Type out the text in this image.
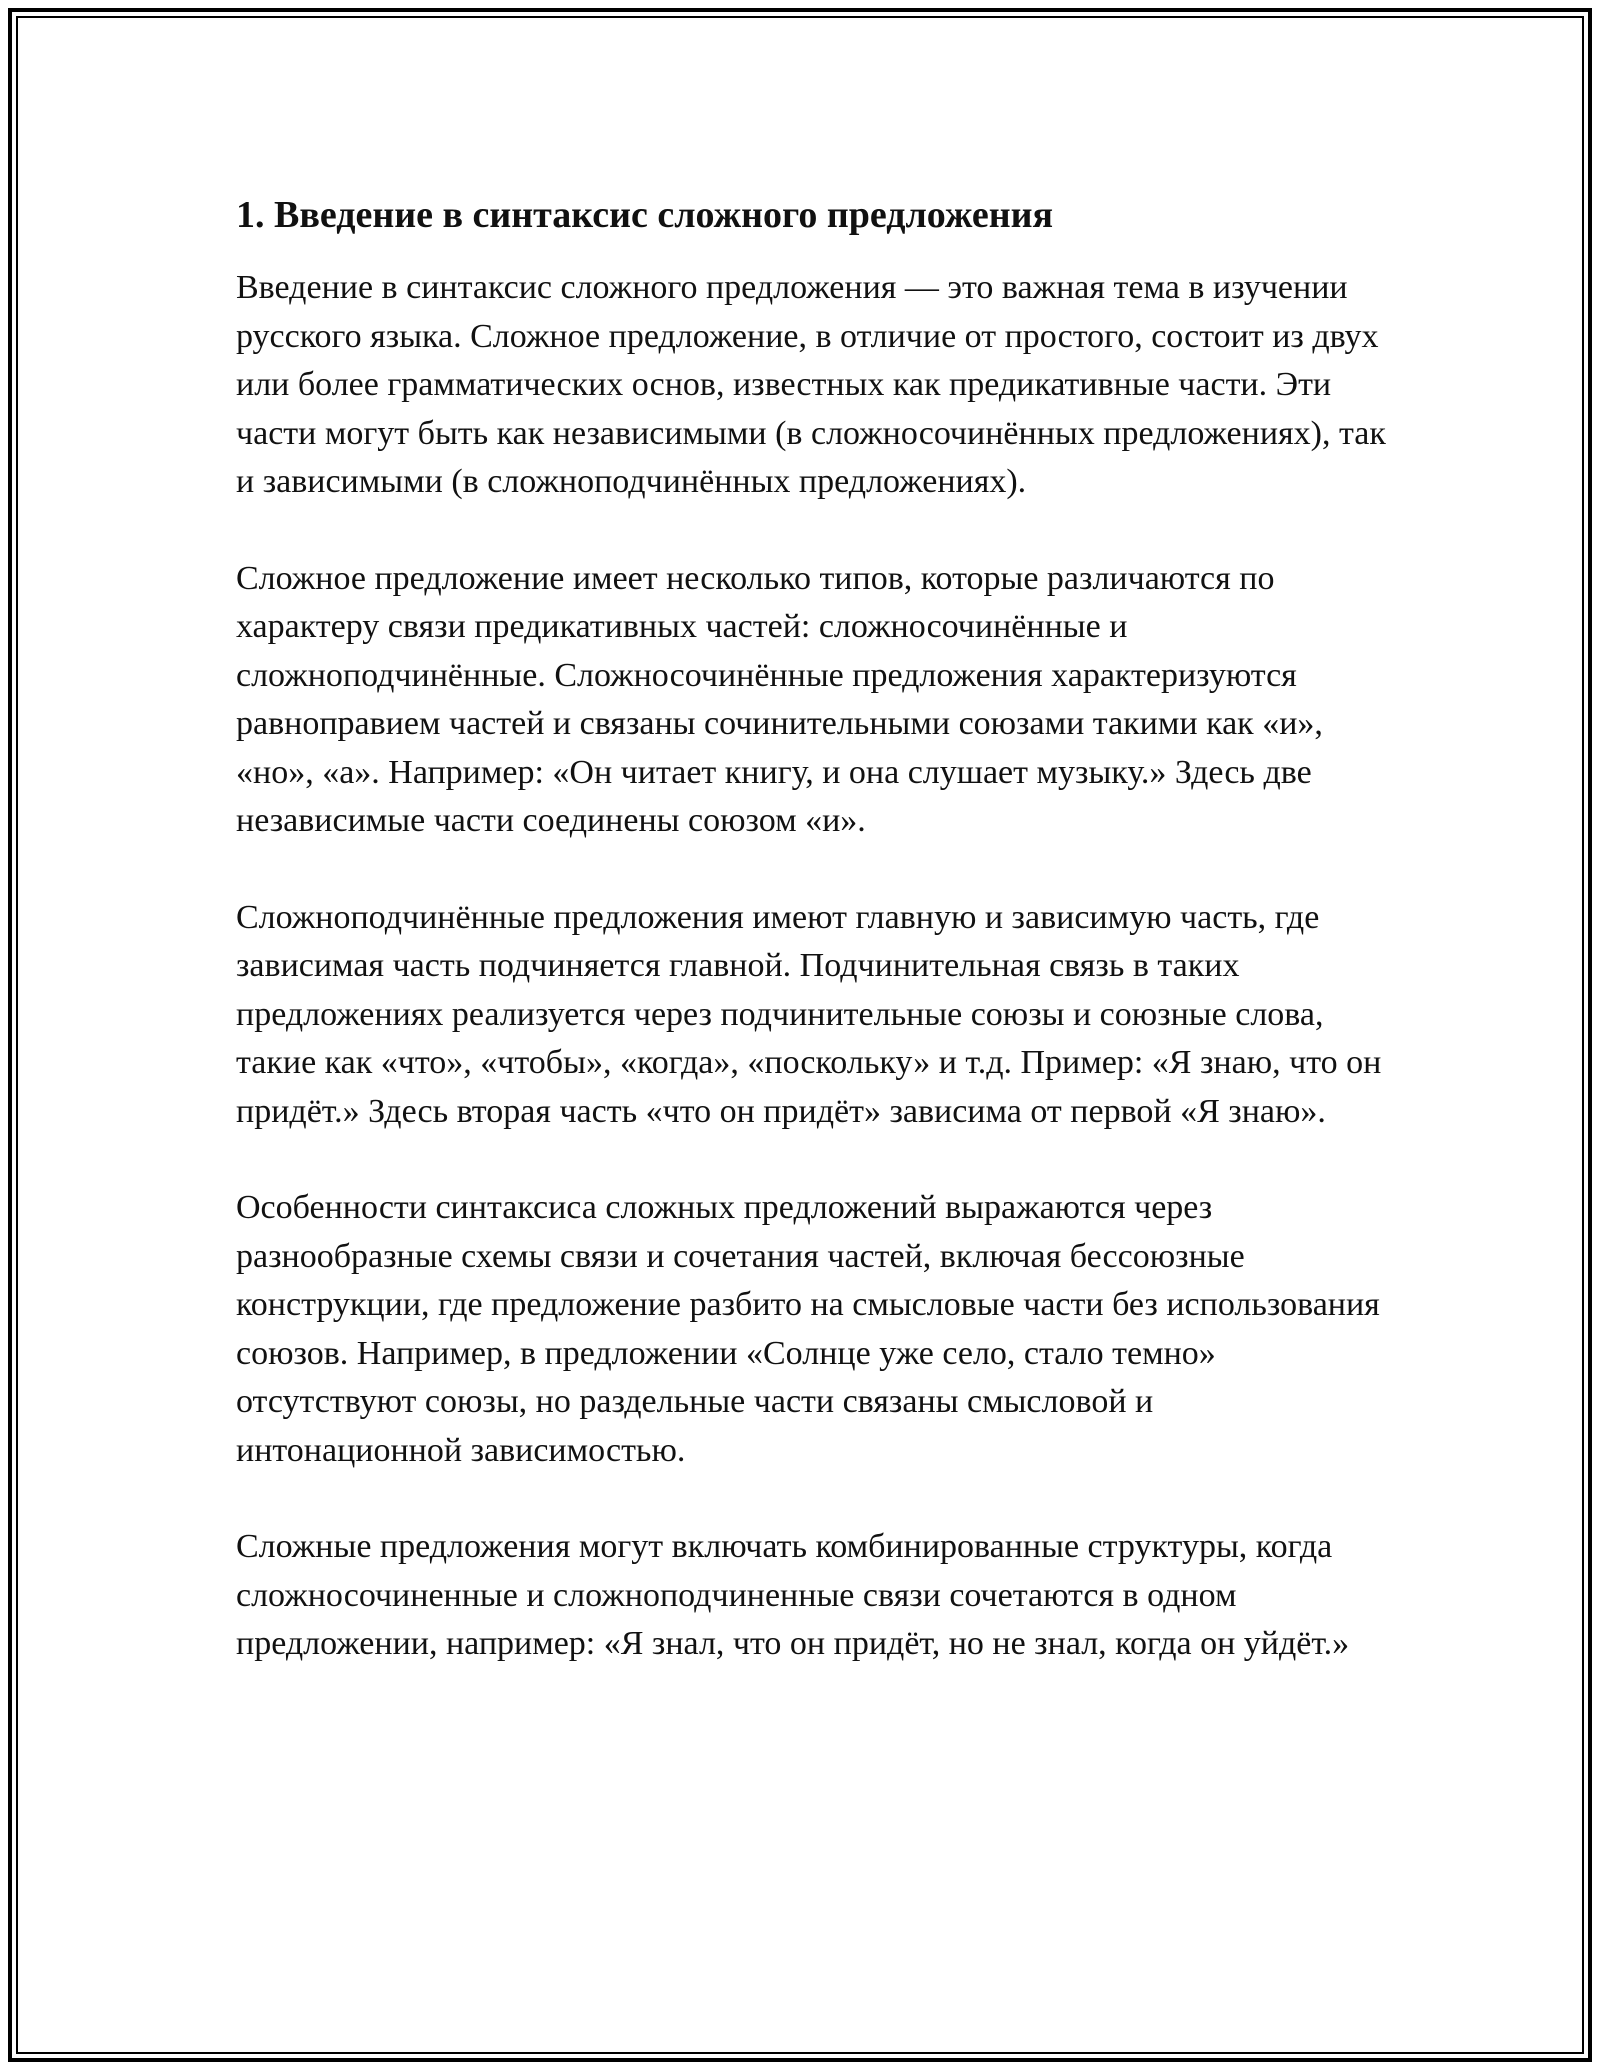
1. Введение в синтаксис сложного предложения

Введение в синтаксис сложного предложения — это важная тема в изучении русского языка. Сложное предложение, в отличие от простого, состоит из двух или более грамматических основ, известных как предикативные части. Эти части могут быть как независимыми (в сложносочинённых предложениях), так и зависимыми (в сложноподчинённых предложениях).

Сложное предложение имеет несколько типов, которые различаются по характеру связи предикативных частей: сложносочинённые и сложноподчинённые. Сложносочинённые предложения характеризуются равноправием частей и связаны сочинительными союзами такими как «и», «но», «а». Например: «Он читает книгу, и она слушает музыку.» Здесь две независимые части соединены союзом «и».

Сложноподчинённые предложения имеют главную и зависимую часть, где зависимая часть подчиняется главной. Подчинительная связь в таких предложениях реализуется через подчинительные союзы и союзные слова, такие как «что», «чтобы», «когда», «поскольку» и т.д. Пример: «Я знаю, что он придёт.» Здесь вторая часть «что он придёт» зависима от первой «Я знаю».

Особенности синтаксиса сложных предложений выражаются через разнообразные схемы связи и сочетания частей, включая бессоюзные конструкции, где предложение разбито на смысловые части без использования союзов. Например, в предложении «Солнце уже село, стало темно» отсутствуют союзы, но раздельные части связаны смысловой и интонационной зависимостью.

Сложные предложения могут включать комбинированные структуры, когда сложносочиненные и сложноподчиненные связи сочетаются в одном предложении, например: «Я знал, что он придёт, но не знал, когда он уйдёт.»
